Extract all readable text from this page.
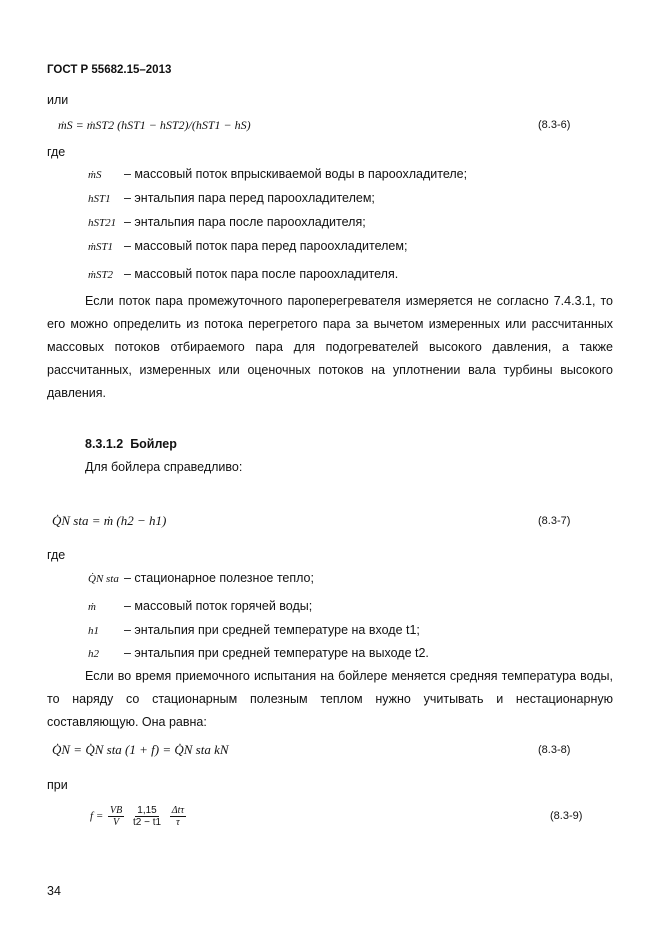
ГОСТ Р 55682.15–2013
или
ṁS = ṁST2 (hST1 − hST2)/(hST1 − hS)	(8.3-6)
где
ṁS – массовый поток впрыскиваемой воды в пароохладителе;
hST1 – энтальпия пара перед пароохладителем;
hST21 – энтальпия пара после пароохладителя;
ṁST1 – массовый поток пара перед пароохладителем;
ṁST2 – массовый поток пара после пароохладителя.

Если поток пара промежуточного пароперегревателя измеряется не согласно 7.4.3.1, то его можно определить из потока перегретого пара за вычетом измеренных или рассчитанных массовых потоков отбираемого пара для подогревателей высокого давления, а также рассчитанных, измеренных или оценочных потоков на уплотнении вала турбины высокого давления.

8.3.1.2 Бойлер
Для бойлера справедливо:
Q̇N sta = ṁ (h2 − h1)	(8.3-7)
где
Q̇N sta – стационарное полезное тепло;
ṁ – массовый поток горячей воды;
h1 – энтальпия при средней температуре на входе t1;
h2 – энтальпия при средней температуре на выходе t2.

Если во время приемочного испытания на бойлере меняется средняя температура воды, то наряду со стационарным полезным теплом нужно учитывать и нестационарную составляющую. Она равна:

Q̇N = Q̇N sta (1 + f) = Q̇N sta kN	(8.3-8)
при
$f = \frac{VB}{V}$
$\frac{1,15}{t2 - t1}$
$\frac{\text{Δtτ}}{\tau}$	(8.3-9)
34
